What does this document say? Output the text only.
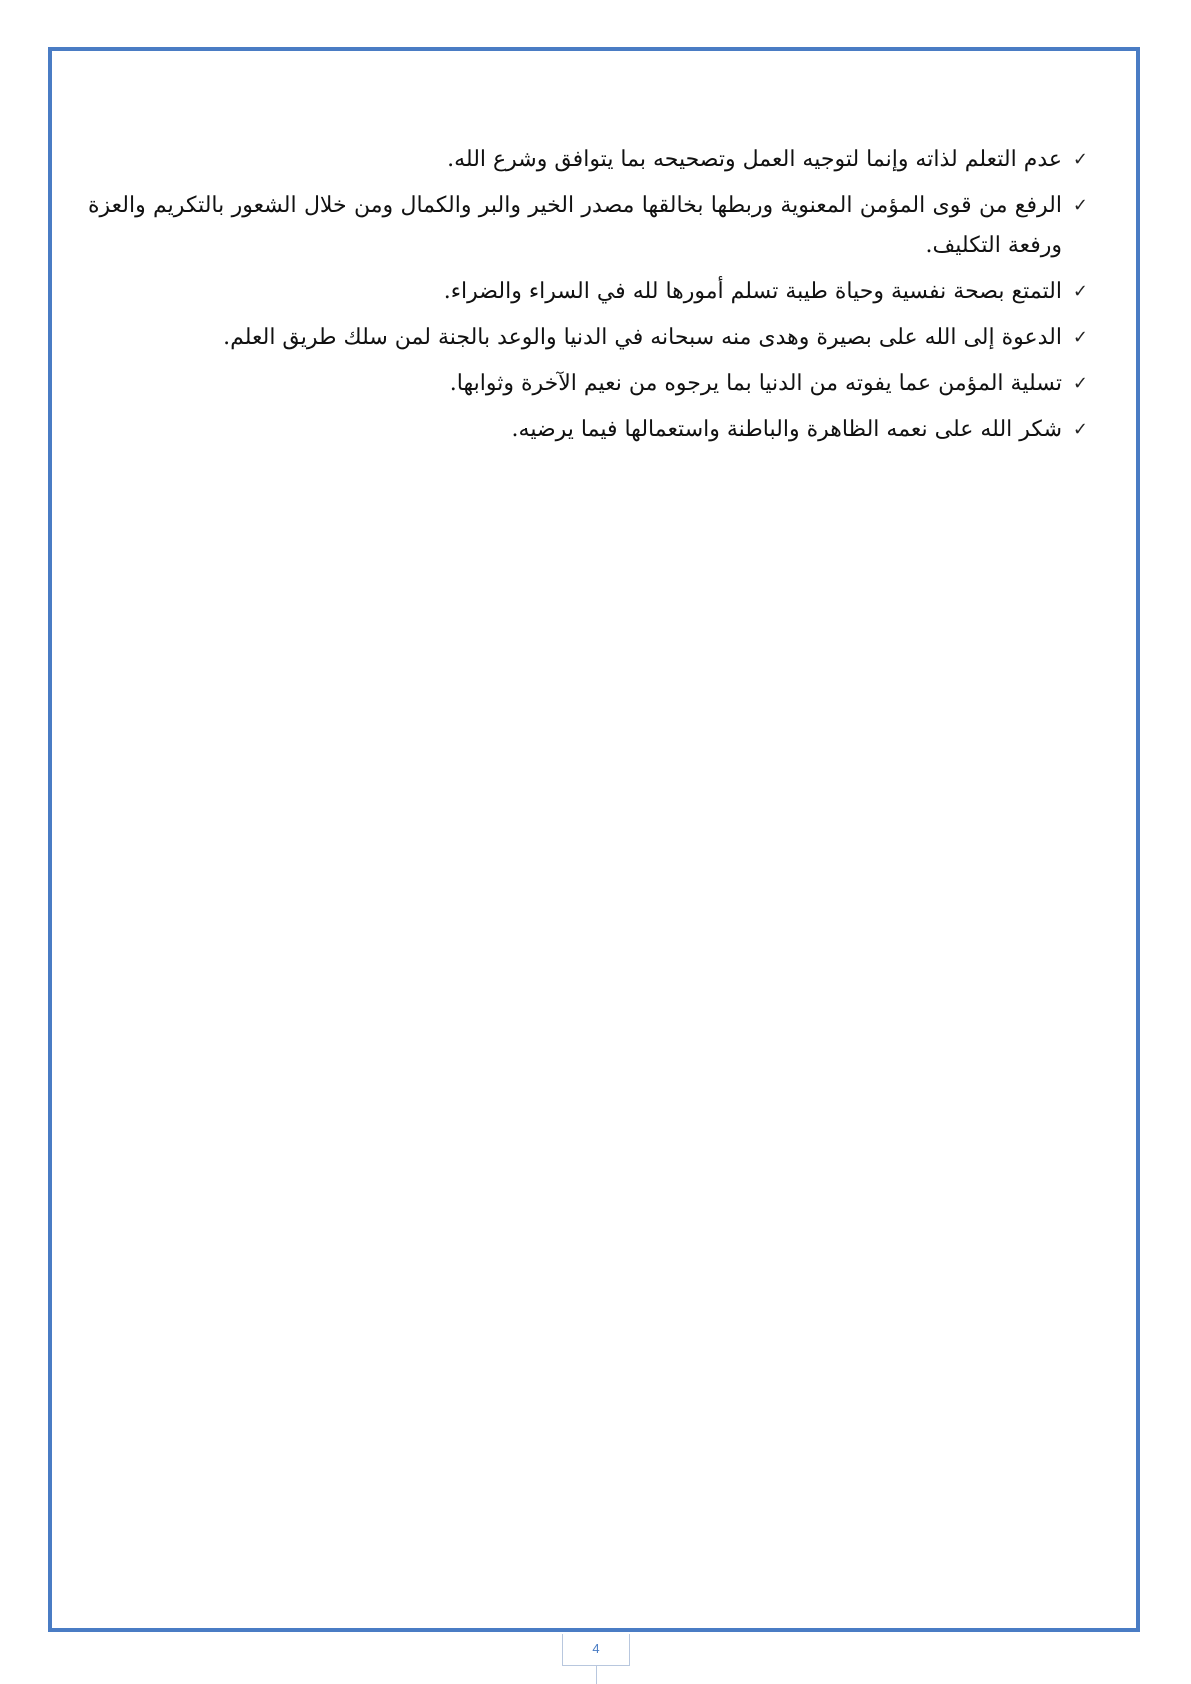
✓
عدم التعلم لذاته وإنما لتوجيه العمل وتصحيحه بما يتوافق وشرع الله.
✓
الرفع من قوى المؤمن المعنوية وربطها بخالقها مصدر الخير والبر والكمال ومن خلال الشعور بالتكريم والعزة ورفعة التكليف.
✓
التمتع بصحة نفسية وحياة طيبة تسلم أمورها لله في السراء والضراء.
✓
الدعوة إلى الله على بصيرة وهدى منه سبحانه في الدنيا والوعد بالجنة لمن سلك طريق العلم.
✓
تسلية المؤمن عما يفوته من الدنيا بما يرجوه من نعيم الآخرة وثوابها.
✓
شكر الله على نعمه الظاهرة والباطنة واستعمالها فيما يرضيه.
4
